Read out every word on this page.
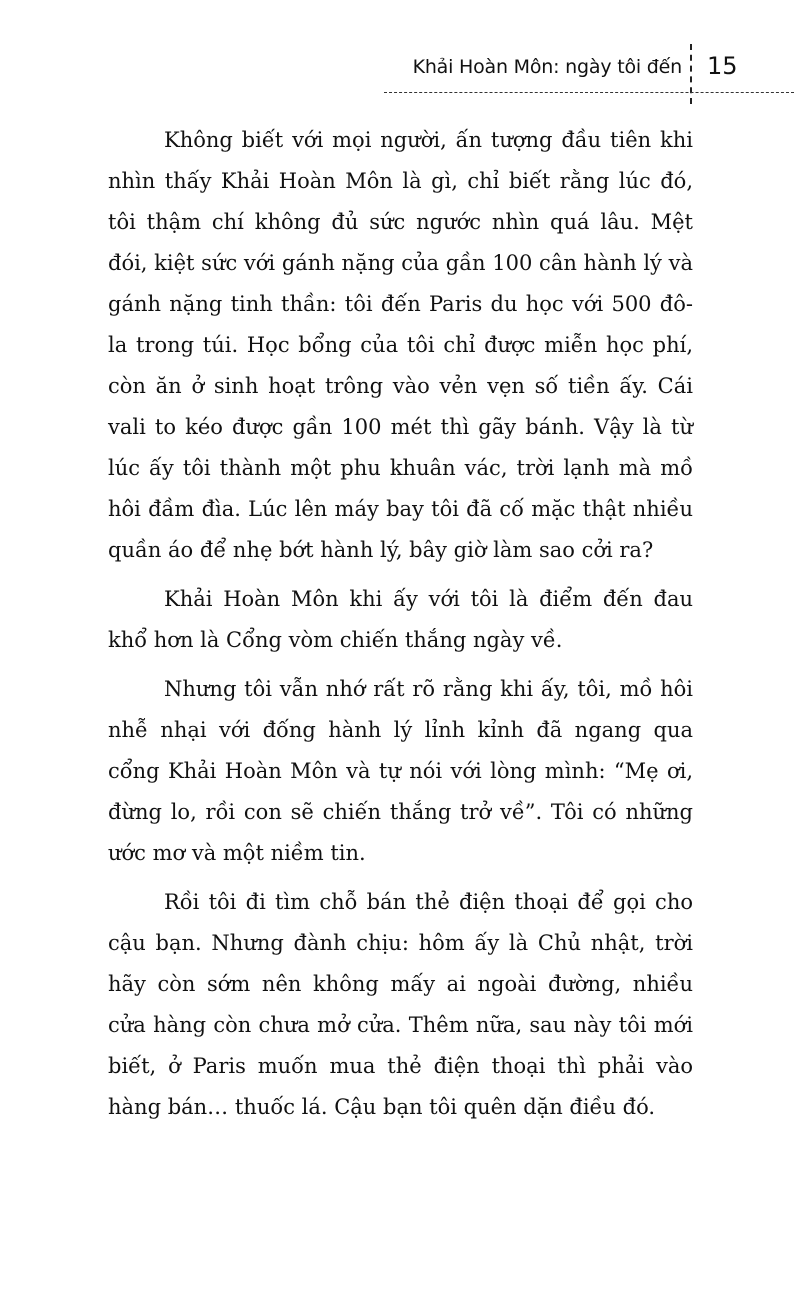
Khải Hoàn Môn: ngày tôi đến 15

Không biết với mọi người, ấn tượng đầu tiên khi nhìn thấy Khải Hoàn Môn là gì, chỉ biết rằng lúc đó, tôi thậm chí không đủ sức ngước nhìn quá lâu. Mệt đói, kiệt sức với gánh nặng của gần 100 cân hành lý và gánh nặng tinh thần: tôi đến Paris du học với 500 đô-la trong túi. Học bổng của tôi chỉ được miễn học phí, còn ăn ở sinh hoạt trông vào vẻn vẹn số tiền ấy. Cái vali to kéo được gần 100 mét thì gãy bánh. Vậy là từ lúc ấy tôi thành một phu khuân vác, trời lạnh mà mồ hôi đầm đìa. Lúc lên máy bay tôi đã cố mặc thật nhiều quần áo để nhẹ bớt hành lý, bây giờ làm sao cởi ra?

Khải Hoàn Môn khi ấy với tôi là điểm đến đau khổ hơn là Cổng vòm chiến thắng ngày về.

Nhưng tôi vẫn nhớ rất rõ rằng khi ấy, tôi, mồ hôi nhễ nhại với đống hành lý lỉnh kỉnh đã ngang qua cổng Khải Hoàn Môn và tự nói với lòng mình: “Mẹ ơi, đừng lo, rồi con sẽ chiến thắng trở về”. Tôi có những ước mơ và một niềm tin.

Rồi tôi đi tìm chỗ bán thẻ điện thoại để gọi cho cậu bạn. Nhưng đành chịu: hôm ấy là Chủ nhật, trời hãy còn sớm nên không mấy ai ngoài đường, nhiều cửa hàng còn chưa mở cửa. Thêm nữa, sau này tôi mới biết, ở Paris muốn mua thẻ điện thoại thì phải vào hàng bán… thuốc lá. Cậu bạn tôi quên dặn điều đó.
